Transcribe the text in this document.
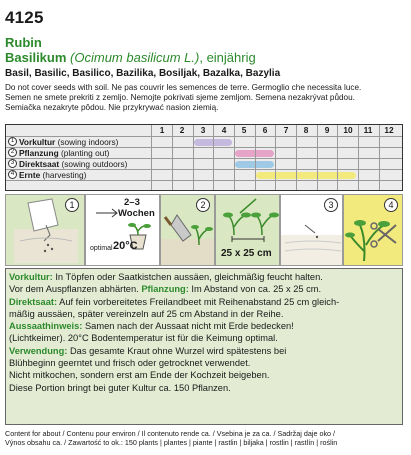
4125
Rubin
Basilikum (Ocimum basilicum L.), einjährig
Basil, Basilic, Basilico, Bazilika, Bosiljak, Bazalka, Bazylia
Do not cover seeds with soil. Ne pas couvrir les semences de terre. Germoglio che necessita luce.
Semen ne smete prekriti z zemljo. Nemojte pokrivati sjeme zemljom. Semena nezakrývat půdou.
Semiačka nezakryte pôdou. Nie przykrywać nasion ziemią.
1	2	3	4	5	6	7	8	9	10	11	12
1 Vorkultur (sowing indoors)
2 Pflanzung (planting out)
3 Direktsaat (sowing outdoors)
4 Ernte (harvesting)
1	2–3
Wochen
optimal 20°C
2
25 x 25 cm
3	4

Vorkultur: In Töpfen oder Saatkistchen aussäen, gleichmäßig feucht halten.

Vor dem Auspflanzen abhärten. Pflanzung: Im Abstand von ca. 25 x 25 cm.

Direktsaat: Auf fein vorbereitetes Freilandbeet mit Reihenabstand 25 cm gleich-

mäßig aussäen, später vereinzeln auf 25 cm Abstand in der Reihe.

Aussaathinweis: Samen nach der Aussaat nicht mit Erde bedecken!

(Lichtkeimer). 20°C Bodentemperatur ist für die Keimung optimal.

Verwendung: Das gesamte Kraut ohne Wurzel wird spätestens bei

Blühbeginn geerntet und frisch oder getrocknet verwendet.

Nicht mitkochen, sondern erst am Ende der Kochzeit beigeben.

Diese Portion bringt bei guter Kultur ca. 150 Pflanzen.

Content for about / Contenu pour environ / Il contenuto rende ca. / Vsebina je za ca. / Sadržaj daje oko /
Výnos obsahu ca. / Zawartość to ok.: 150 plants | plantes | piante | rastlin | biljaka | rostlin | rastlín | roślin
